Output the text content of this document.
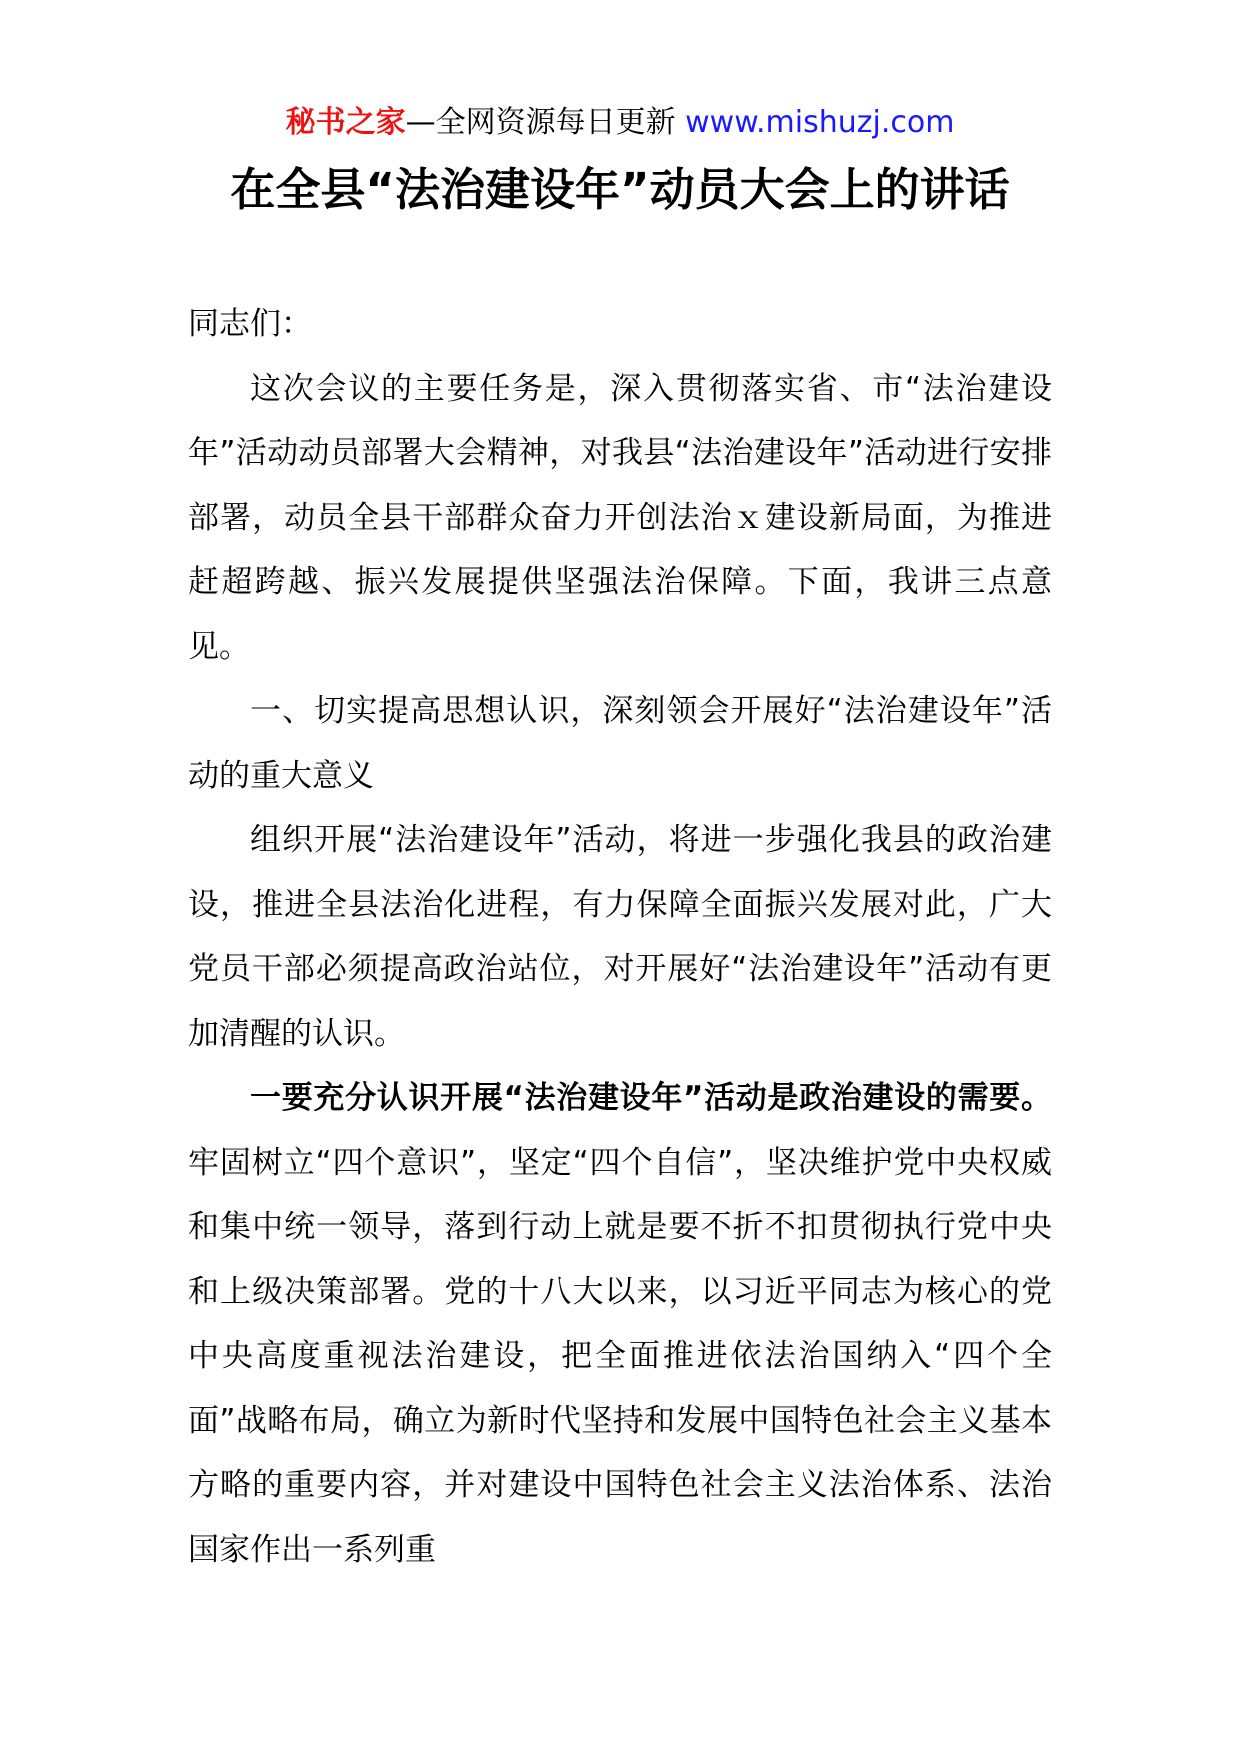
秘书之家—全网资源每日更新 www.mishuzj.com
在全县“法治建设年”动员大会上的讲话

同志们：

这次会议的主要任务是，深入贯彻落实省、市“法治建设年”活动动员部署大会精神，对我县“法治建设年”活动进行安排部署，动员全县干部群众奋力开创法治ｘ建设新局面，为推进赶超跨越、振兴发展提供坚强法治保障。下面，我讲三点意见。

一、切实提高思想认识，深刻领会开展好“法治建设年”活动的重大意义

组织开展“法治建设年”活动，将进一步强化我县的政治建设，推进全县法治化进程，有力保障全面振兴发展对此，广大党员干部必须提高政治站位，对开展好“法治建设年”活动有更加清醒的认识。

一要充分认识开展“法治建设年”活动是政治建设的需要。牢固树立“四个意识”，坚定“四个自信”，坚决维护党中央权威和集中统一领导，落到行动上就是要不折不扣贯彻执行党中央和上级决策部署。党的十八大以来，以习近平同志为核心的党中央高度重视法治建设，把全面推进依法治国纳入“四个全面”战略布局，确立为新时代坚持和发展中国特色社会主义基本方略的重要内容，并对建设中国特色社会主义法治体系、法治国家作出一系列重
